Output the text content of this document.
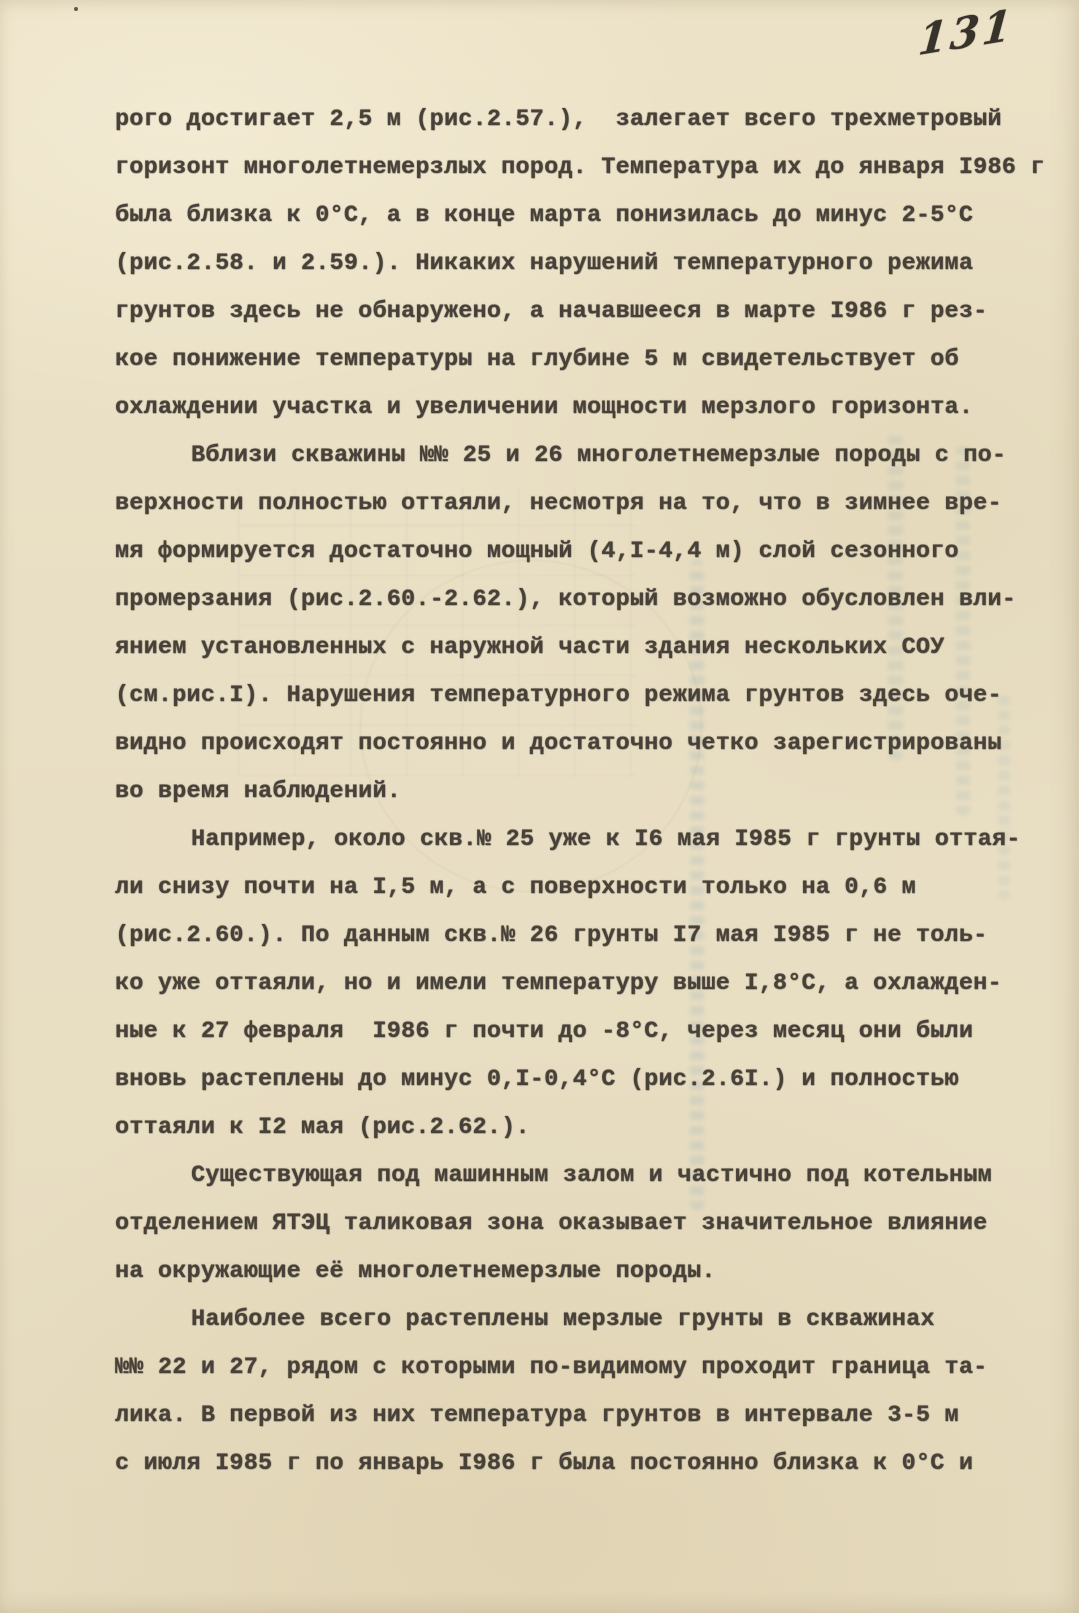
131
рого достигает 2,5 м (рис.2.57.),  залегает всего трехметровый
горизонт многолетнемерзлых пород. Температура их до января I986 г
была близка к 0°С, а в конце марта понизилась до минус 2-5°С
(рис.2.58. и 2.59.). Никаких нарушений температурного режима
грунтов здесь не обнаружено, а начавшееся в марте I986 г рез-
кое понижение температуры на глубине 5 м свидетельствует об
охлаждении участка и увеличении мощности мерзлого горизонта.
Вблизи скважины №№ 25 и 26 многолетнемерзлые породы с по-
верхности полностью оттаяли, несмотря на то, что в зимнее вре-
мя формируется достаточно мощный (4,I-4,4 м) слой сезонного
промерзания (рис.2.60.-2.62.), который возможно обусловлен вли-
янием установленных с наружной части здания нескольких СОУ
(см.рис.I). Нарушения температурного режима грунтов здесь оче-
видно происходят постоянно и достаточно четко зарегистрированы
во время наблюдений.
Например, около скв.№ 25 уже к I6 мая I985 г грунты оттая-
ли снизу почти на I,5 м, а с поверхности только на 0,6 м
(рис.2.60.). По данным скв.№ 26 грунты I7 мая I985 г не толь-
ко уже оттаяли, но и имели температуру выше I,8°С, а охлажден-
ные к 27 февраля  I986 г почти до -8°С, через месяц они были
вновь растеплены до минус 0,I-0,4°С (рис.2.6I.) и полностью
оттаяли к I2 мая (рис.2.62.).
Существующая под машинным залом и частично под котельным
отделением ЯТЭЦ таликовая зона оказывает значительное влияние
на окружающие её многолетнемерзлые породы.
Наиболее всего растеплены мерзлые грунты в скважинах
№№ 22 и 27, рядом с которыми по-видимому проходит граница та-
лика. В первой из них температура грунтов в интервале 3-5 м
с июля I985 г по январь I986 г была постоянно близка к 0°С и
